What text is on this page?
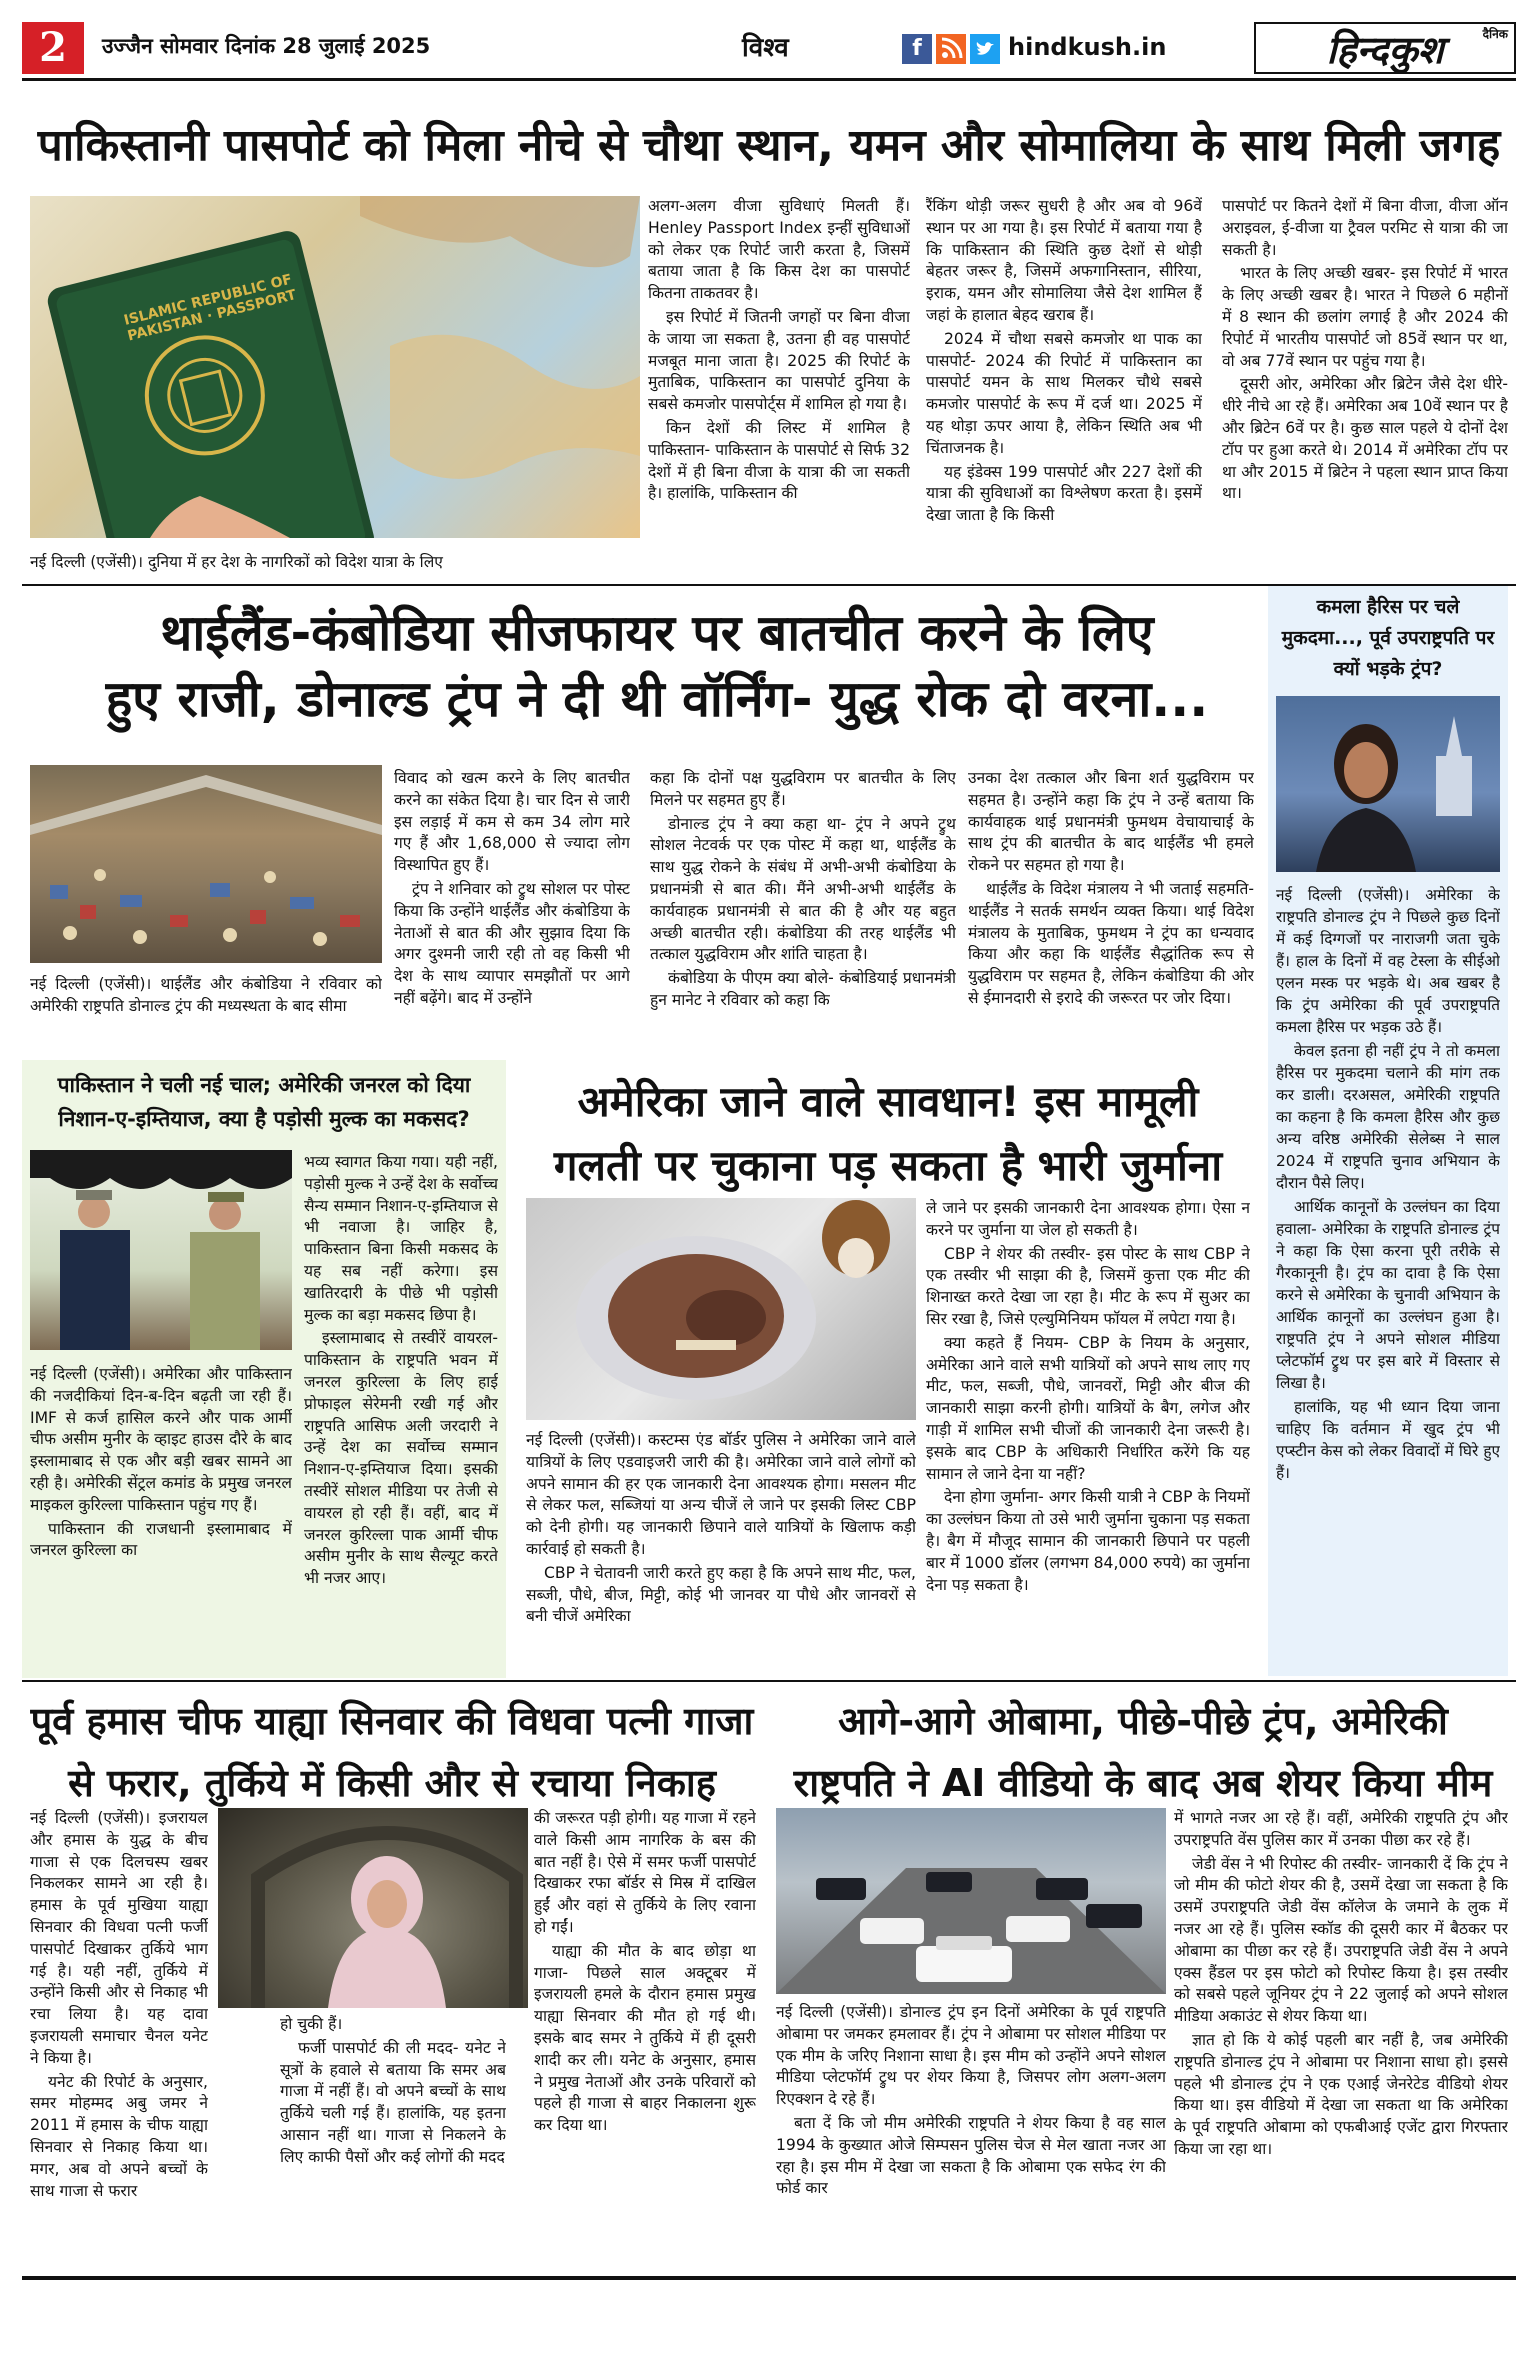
2	उज्जैन सोमवार दिनांक 28 जुलाई 2025	विश्व	f	hindkush.in	दैनिक
हिन्दकुश
पाकिस्तानी पासपोर्ट को मिला नीचे से चौथा स्थान, यमन और सोमालिया के साथ मिली जगह
ISLAMIC REPUBLIC OF PAKISTAN · PASSPORT
नई दिल्ली (एजेंसी)। दुनिया में हर देश के नागरिकों को विदेश यात्रा के लिए

अलग-अलग वीजा सुविधाएं मिलती हैं। Henley Passport Index इन्हीं सुविधाओं को लेकर एक रिपोर्ट जारी करता है, जिसमें बताया जाता है कि किस देश का पासपोर्ट कितना ताकतवर है।

इस रिपोर्ट में जितनी जगहों पर बिना वीजा के जाया जा सकता है, उतना ही वह पासपोर्ट मजबूत माना जाता है। 2025 की रिपोर्ट के मुताबिक, पाकिस्तान का पासपोर्ट दुनिया के सबसे कमजोर पासपोर्ट्स में शामिल हो गया है।

किन देशों की लिस्ट में शामिल है पाकिस्तान- पाकिस्तान के पासपोर्ट से सिर्फ 32 देशों में ही बिना वीजा के यात्रा की जा सकती है। हालांकि, पाकिस्तान की

रैंकिंग थोड़ी जरूर सुधरी है और अब वो 96वें स्थान पर आ गया है। इस रिपोर्ट में बताया गया है कि पाकिस्तान की स्थिति कुछ देशों से थोड़ी बेहतर जरूर है, जिसमें अफगानिस्तान, सीरिया, इराक, यमन और सोमालिया जैसे देश शामिल हैं जहां के हालात बेहद खराब हैं।

2024 में चौथा सबसे कमजोर था पाक का पासपोर्ट- 2024 की रिपोर्ट में पाकिस्तान का पासपोर्ट यमन के साथ मिलकर चौथे सबसे कमजोर पासपोर्ट के रूप में दर्ज था। 2025 में यह थोड़ा ऊपर आया है, लेकिन स्थिति अब भी चिंताजनक है।

यह इंडेक्स 199 पासपोर्ट और 227 देशों की यात्रा की सुविधाओं का विश्लेषण करता है। इसमें देखा जाता है कि किसी

पासपोर्ट पर कितने देशों में बिना वीजा, वीजा ऑन अराइवल, ई-वीजा या ट्रैवल परमिट से यात्रा की जा सकती है।

भारत के लिए अच्छी खबर- इस रिपोर्ट में भारत के लिए अच्छी खबर है। भारत ने पिछले 6 महीनों में 8 स्थान की छलांग लगाई है और 2024 की रिपोर्ट में भारतीय पासपोर्ट जो 85वें स्थान पर था, वो अब 77वें स्थान पर पहुंच गया है।

दूसरी ओर, अमेरिका और ब्रिटेन जैसे देश धीरे-धीरे नीचे आ रहे हैं। अमेरिका अब 10वें स्थान पर है और ब्रिटेन 6वें पर है। कुछ साल पहले ये दोनों देश टॉप पर हुआ करते थे। 2014 में अमेरिका टॉप पर था और 2015 में ब्रिटेन ने पहला स्थान प्राप्त किया था।

थाईलैंड-कंबोडिया सीजफायर पर बातचीत करने के लिए
हुए राजी, डोनाल्ड ट्रंप ने दी थी वॉर्निंग- युद्ध रोक दो वरना...

नई दिल्ली (एजेंसी)। थाईलैंड और कंबोडिया ने रविवार को अमेरिकी राष्ट्रपति डोनाल्ड ट्रंप की मध्यस्थता के बाद सीमा

विवाद को खत्म करने के लिए बातचीत करने का संकेत दिया है। चार दिन से जारी इस लड़ाई में कम से कम 34 लोग मारे गए हैं और 1,68,000 से ज्यादा लोग विस्थापित हुए हैं।

ट्रंप ने शनिवार को ट्रुथ सोशल पर पोस्ट किया कि उन्होंने थाईलैंड और कंबोडिया के नेताओं से बात की और सुझाव दिया कि अगर दुश्मनी जारी रही तो वह किसी भी देश के साथ व्यापार समझौतों पर आगे नहीं बढ़ेंगे। बाद में उन्होंने

कहा कि दोनों पक्ष युद्धविराम पर बातचीत के लिए मिलने पर सहमत हुए हैं।

डोनाल्ड ट्रंप ने क्या कहा था- ट्रंप ने अपने ट्रुथ सोशल नेटवर्क पर एक पोस्ट में कहा था, थाईलैंड के साथ युद्ध रोकने के संबंध में अभी-अभी कंबोडिया के प्रधानमंत्री से बात की। मैंने अभी-अभी थाईलैंड के कार्यवाहक प्रधानमंत्री से बात की है और यह बहुत अच्छी बातचीत रही। कंबोडिया की तरह थाईलैंड भी तत्काल युद्धविराम और शांति चाहता है।

कंबोडिया के पीएम क्या बोले- कंबोडियाई प्रधानमंत्री हुन मानेट ने रविवार को कहा कि

उनका देश तत्काल और बिना शर्त युद्धविराम पर सहमत है। उन्होंने कहा कि ट्रंप ने उन्हें बताया कि कार्यवाहक थाई प्रधानमंत्री फुमथम वेचायाचाई के साथ ट्रंप की बातचीत के बाद थाईलैंड भी हमले रोकने पर सहमत हो गया है।

थाईलैंड के विदेश मंत्रालय ने भी जताई सहमति- थाईलैंड ने सतर्क समर्थन व्यक्त किया। थाई विदेश मंत्रालय के मुताबिक, फुमथम ने ट्रंप का धन्यवाद किया और कहा कि थाईलैंड सैद्धांतिक रूप से युद्धविराम पर सहमत है, लेकिन कंबोडिया की ओर से ईमानदारी से इरादे की जरूरत पर जोर दिया।

कमला हैरिस पर चले मुकदमा..., पूर्व उपराष्ट्रपति पर क्यों भड़के ट्रंप?

नई दिल्ली (एजेंसी)। अमेरिका के राष्ट्रपति डोनाल्ड ट्रंप ने पिछले कुछ दिनों में कई दिग्गजों पर नाराजगी जता चुके हैं। हाल के दिनों में वह टेस्ला के सीईओ एलन मस्क पर भड़के थे। अब खबर है कि ट्रंप अमेरिका की पूर्व उपराष्ट्रपति कमला हैरिस पर भड़क उठे हैं।

केवल इतना ही नहीं ट्रंप ने तो कमला हैरिस पर मुकदमा चलाने की मांग तक कर डाली। दरअसल, अमेरिकी राष्ट्रपति का कहना है कि कमला हैरिस और कुछ अन्य वरिष्ठ अमेरिकी सेलेब्स ने साल 2024 में राष्ट्रपति चुनाव अभियान के दौरान पैसे लिए।

आर्थिक कानूनों के उल्लंघन का दिया हवाला- अमेरिका के राष्ट्रपति डोनाल्ड ट्रंप ने कहा कि ऐसा करना पूरी तरीके से गैरकानूनी है। ट्रंप का दावा है कि ऐसा करने से अमेरिका के चुनावी अभियान के आर्थिक कानूनों का उल्लंघन हुआ है। राष्ट्रपति ट्रंप ने अपने सोशल मीडिया प्लेटफॉर्म ट्रुथ पर इस बारे में विस्तार से लिखा है।

हालांकि, यह भी ध्यान दिया जाना चाहिए कि वर्तमान में खुद ट्रंप भी एप्स्टीन केस को लेकर विवादों में घिरे हुए हैं।

पाकिस्तान ने चली नई चाल; अमेरिकी जनरल को दिया निशान-ए-इम्तियाज, क्या है पड़ोसी मुल्क का मकसद?

भव्य स्वागत किया गया। यही नहीं, पड़ोसी मुल्क ने उन्हें देश के सर्वोच्च सैन्य सम्मान निशान-ए-इम्तियाज से भी नवाजा है। जाहिर है, पाकिस्तान बिना किसी मकसद के यह सब नहीं करेगा। इस खातिरदारी के पीछे भी पड़ोसी मुल्क का बड़ा मकसद छिपा है।

इस्लामाबाद से तस्वीरें वायरल- पाकिस्तान के राष्ट्रपति भवन में जनरल कुरिल्ला के लिए हाई प्रोफाइल सेरेमनी रखी गई और राष्ट्रपति आसिफ अली जरदारी ने उन्हें देश का सर्वोच्च सम्मान निशान-ए-इम्तियाज दिया। इसकी तस्वीरें सोशल मीडिया पर तेजी से वायरल हो रही हैं। वहीं, बाद में जनरल कुरिल्ला पाक आर्मी चीफ असीम मुनीर के साथ सैल्यूट करते भी नजर आए।

नई दिल्ली (एजेंसी)। अमेरिका और पाकिस्तान की नजदीकियां दिन-ब-दिन बढ़ती जा रही हैं। IMF से कर्ज हासिल करने और पाक आर्मी चीफ असीम मुनीर के व्हाइट हाउस दौरे के बाद इस्लामाबाद से एक और बड़ी खबर सामने आ रही है। अमेरिकी सेंट्रल कमांड के प्रमुख जनरल माइकल कुरिल्ला पाकिस्तान पहुंच गए हैं।

पाकिस्तान की राजधानी इस्लामाबाद में जनरल कुरिल्ला का

अमेरिका जाने वाले सावधान! इस मामूली
गलती पर चुकाना पड़ सकता है भारी जुर्माना

नई दिल्ली (एजेंसी)। कस्टम्स एंड बॉर्डर पुलिस ने अमेरिका जाने वाले यात्रियों के लिए एडवाइजरी जारी की है। अमेरिका जाने वाले लोगों को अपने सामान की हर एक जानकारी देना आवश्यक होगा। मसलन मीट से लेकर फल, सब्जियां या अन्य चीजें ले जाने पर इसकी लिस्ट CBP को देनी होगी। यह जानकारी छिपाने वाले यात्रियों के खिलाफ कड़ी कार्रवाई हो सकती है।

CBP ने चेतावनी जारी करते हुए कहा है कि अपने साथ मीट, फल, सब्जी, पौधे, बीज, मिट्टी, कोई भी जानवर या पौधे और जानवरों से बनी चीजें अमेरिका

ले जाने पर इसकी जानकारी देना आवश्यक होगा। ऐसा न करने पर जुर्माना या जेल हो सकती है।

CBP ने शेयर की तस्वीर- इस पोस्ट के साथ CBP ने एक तस्वीर भी साझा की है, जिसमें कुत्ता एक मीट की शिनाख्त करते देखा जा रहा है। मीट के रूप में सुअर का सिर रखा है, जिसे एल्युमिनियम फॉयल में लपेटा गया है।

क्या कहते हैं नियम- CBP के नियम के अनुसार, अमेरिका आने वाले सभी यात्रियों को अपने साथ लाए गए मीट, फल, सब्जी, पौधे, जानवरों, मिट्टी और बीज की जानकारी साझा करनी होगी। यात्रियों के बैग, लगेज और गाड़ी में शामिल सभी चीजों की जानकारी देना जरूरी है। इसके बाद CBP के अधिकारी निर्धारित करेंगे कि यह सामान ले जाने देना या नहीं?

देना होगा जुर्माना- अगर किसी यात्री ने CBP के नियमों का उल्लंघन किया तो उसे भारी जुर्माना चुकाना पड़ सकता है। बैग में मौजूद सामान की जानकारी छिपाने पर पहली बार में 1000 डॉलर (लगभग 84,000 रुपये) का जुर्माना देना पड़ सकता है।

पूर्व हमास चीफ याह्या सिनवार की विधवा पत्नी गाजा
से फरार, तुर्किये में किसी और से रचाया निकाह

नई दिल्ली (एजेंसी)। इजरायल और हमास के युद्ध के बीच गाजा से एक दिलचस्प खबर निकलकर सामने आ रही है। हमास के पूर्व मुखिया याह्या सिनवार की विधवा पत्नी फर्जी पासपोर्ट दिखाकर तुर्किये भाग गई है। यही नहीं, तुर्किये में उन्होंने किसी और से निकाह भी रचा लिया है। यह दावा इजरायली समाचार चैनल यनेट ने किया है।

यनेट की रिपोर्ट के अनुसार, समर मोहम्मद अबु जमर ने 2011 में हमास के चीफ याह्या सिनवार से निकाह किया था। मगर, अब वो अपने बच्चों के साथ गाजा से फरार

हो चुकी हैं।

फर्जी पासपोर्ट की ली मदद- यनेट ने सूत्रों के हवाले से बताया कि समर अब गाजा में नहीं हैं। वो अपने बच्चों के साथ तुर्किये चली गई हैं। हालांकि, यह इतना आसान नहीं था। गाजा से निकलने के लिए काफी पैसों और कई लोगों की मदद

की जरूरत पड़ी होगी। यह गाजा में रहने वाले किसी आम नागरिक के बस की बात नहीं है। ऐसे में समर फर्जी पासपोर्ट दिखाकर रफा बॉर्डर से मिस्र में दाखिल हुईं और वहां से तुर्किये के लिए रवाना हो गईं।

याह्या की मौत के बाद छोड़ा था गाजा- पिछले साल अक्टूबर में इजरायली हमले के दौरान हमास प्रमुख याह्या सिनवार की मौत हो गई थी। इसके बाद समर ने तुर्किये में ही दूसरी शादी कर ली। यनेट के अनुसार, हमास ने प्रमुख नेताओं और उनके परिवारों को पहले ही गाजा से बाहर निकालना शुरू कर दिया था।

आगे-आगे ओबामा, पीछे-पीछे ट्रंप, अमेरिकी
राष्ट्रपति ने AI वीडियो के बाद अब शेयर किया मीम

नई दिल्ली (एजेंसी)। डोनाल्ड ट्रंप इन दिनों अमेरिका के पूर्व राष्ट्रपति ओबामा पर जमकर हमलावर हैं। ट्रंप ने ओबामा पर सोशल मीडिया पर एक मीम के जरिए निशाना साधा है। इस मीम को उन्होंने अपने सोशल मीडिया प्लेटफॉर्म ट्रुथ पर शेयर किया है, जिसपर लोग अलग-अलग रिएक्शन दे रहे हैं।

बता दें कि जो मीम अमेरिकी राष्ट्रपति ने शेयर किया है वह साल 1994 के कुख्यात ओजे सिम्पसन पुलिस चेज से मेल खाता नजर आ रहा है। इस मीम में देखा जा सकता है कि ओबामा एक सफेद रंग की फोर्ड कार

में भागते नजर आ रहे हैं। वहीं, अमेरिकी राष्ट्रपति ट्रंप और उपराष्ट्रपति वेंस पुलिस कार में उनका पीछा कर रहे हैं।

जेडी वेंस ने भी रिपोस्ट की तस्वीर- जानकारी दें कि ट्रंप ने जो मीम की फोटो शेयर की है, उसमें देखा जा सकता है कि उसमें उपराष्ट्रपति जेडी वेंस कॉलेज के जमाने के लुक में नजर आ रहे हैं। पुलिस स्कॉड की दूसरी कार में बैठकर पर ओबामा का पीछा कर रहे हैं। उपराष्ट्रपति जेडी वेंस ने अपने एक्स हैंडल पर इस फोटो को रिपोस्ट किया है। इस तस्वीर को सबसे पहले जूनियर ट्रंप ने 22 जुलाई को अपने सोशल मीडिया अकाउंट से शेयर किया था।

ज्ञात हो कि ये कोई पहली बार नहीं है, जब अमेरिकी राष्ट्रपति डोनाल्ड ट्रंप ने ओबामा पर निशाना साधा हो। इससे पहले भी डोनाल्ड ट्रंप ने एक एआई जेनरेटेड वीडियो शेयर किया था। इस वीडियो में देखा जा सकता था कि अमेरिका के पूर्व राष्ट्रपति ओबामा को एफबीआई एजेंट द्वारा गिरफ्तार किया जा रहा था।
